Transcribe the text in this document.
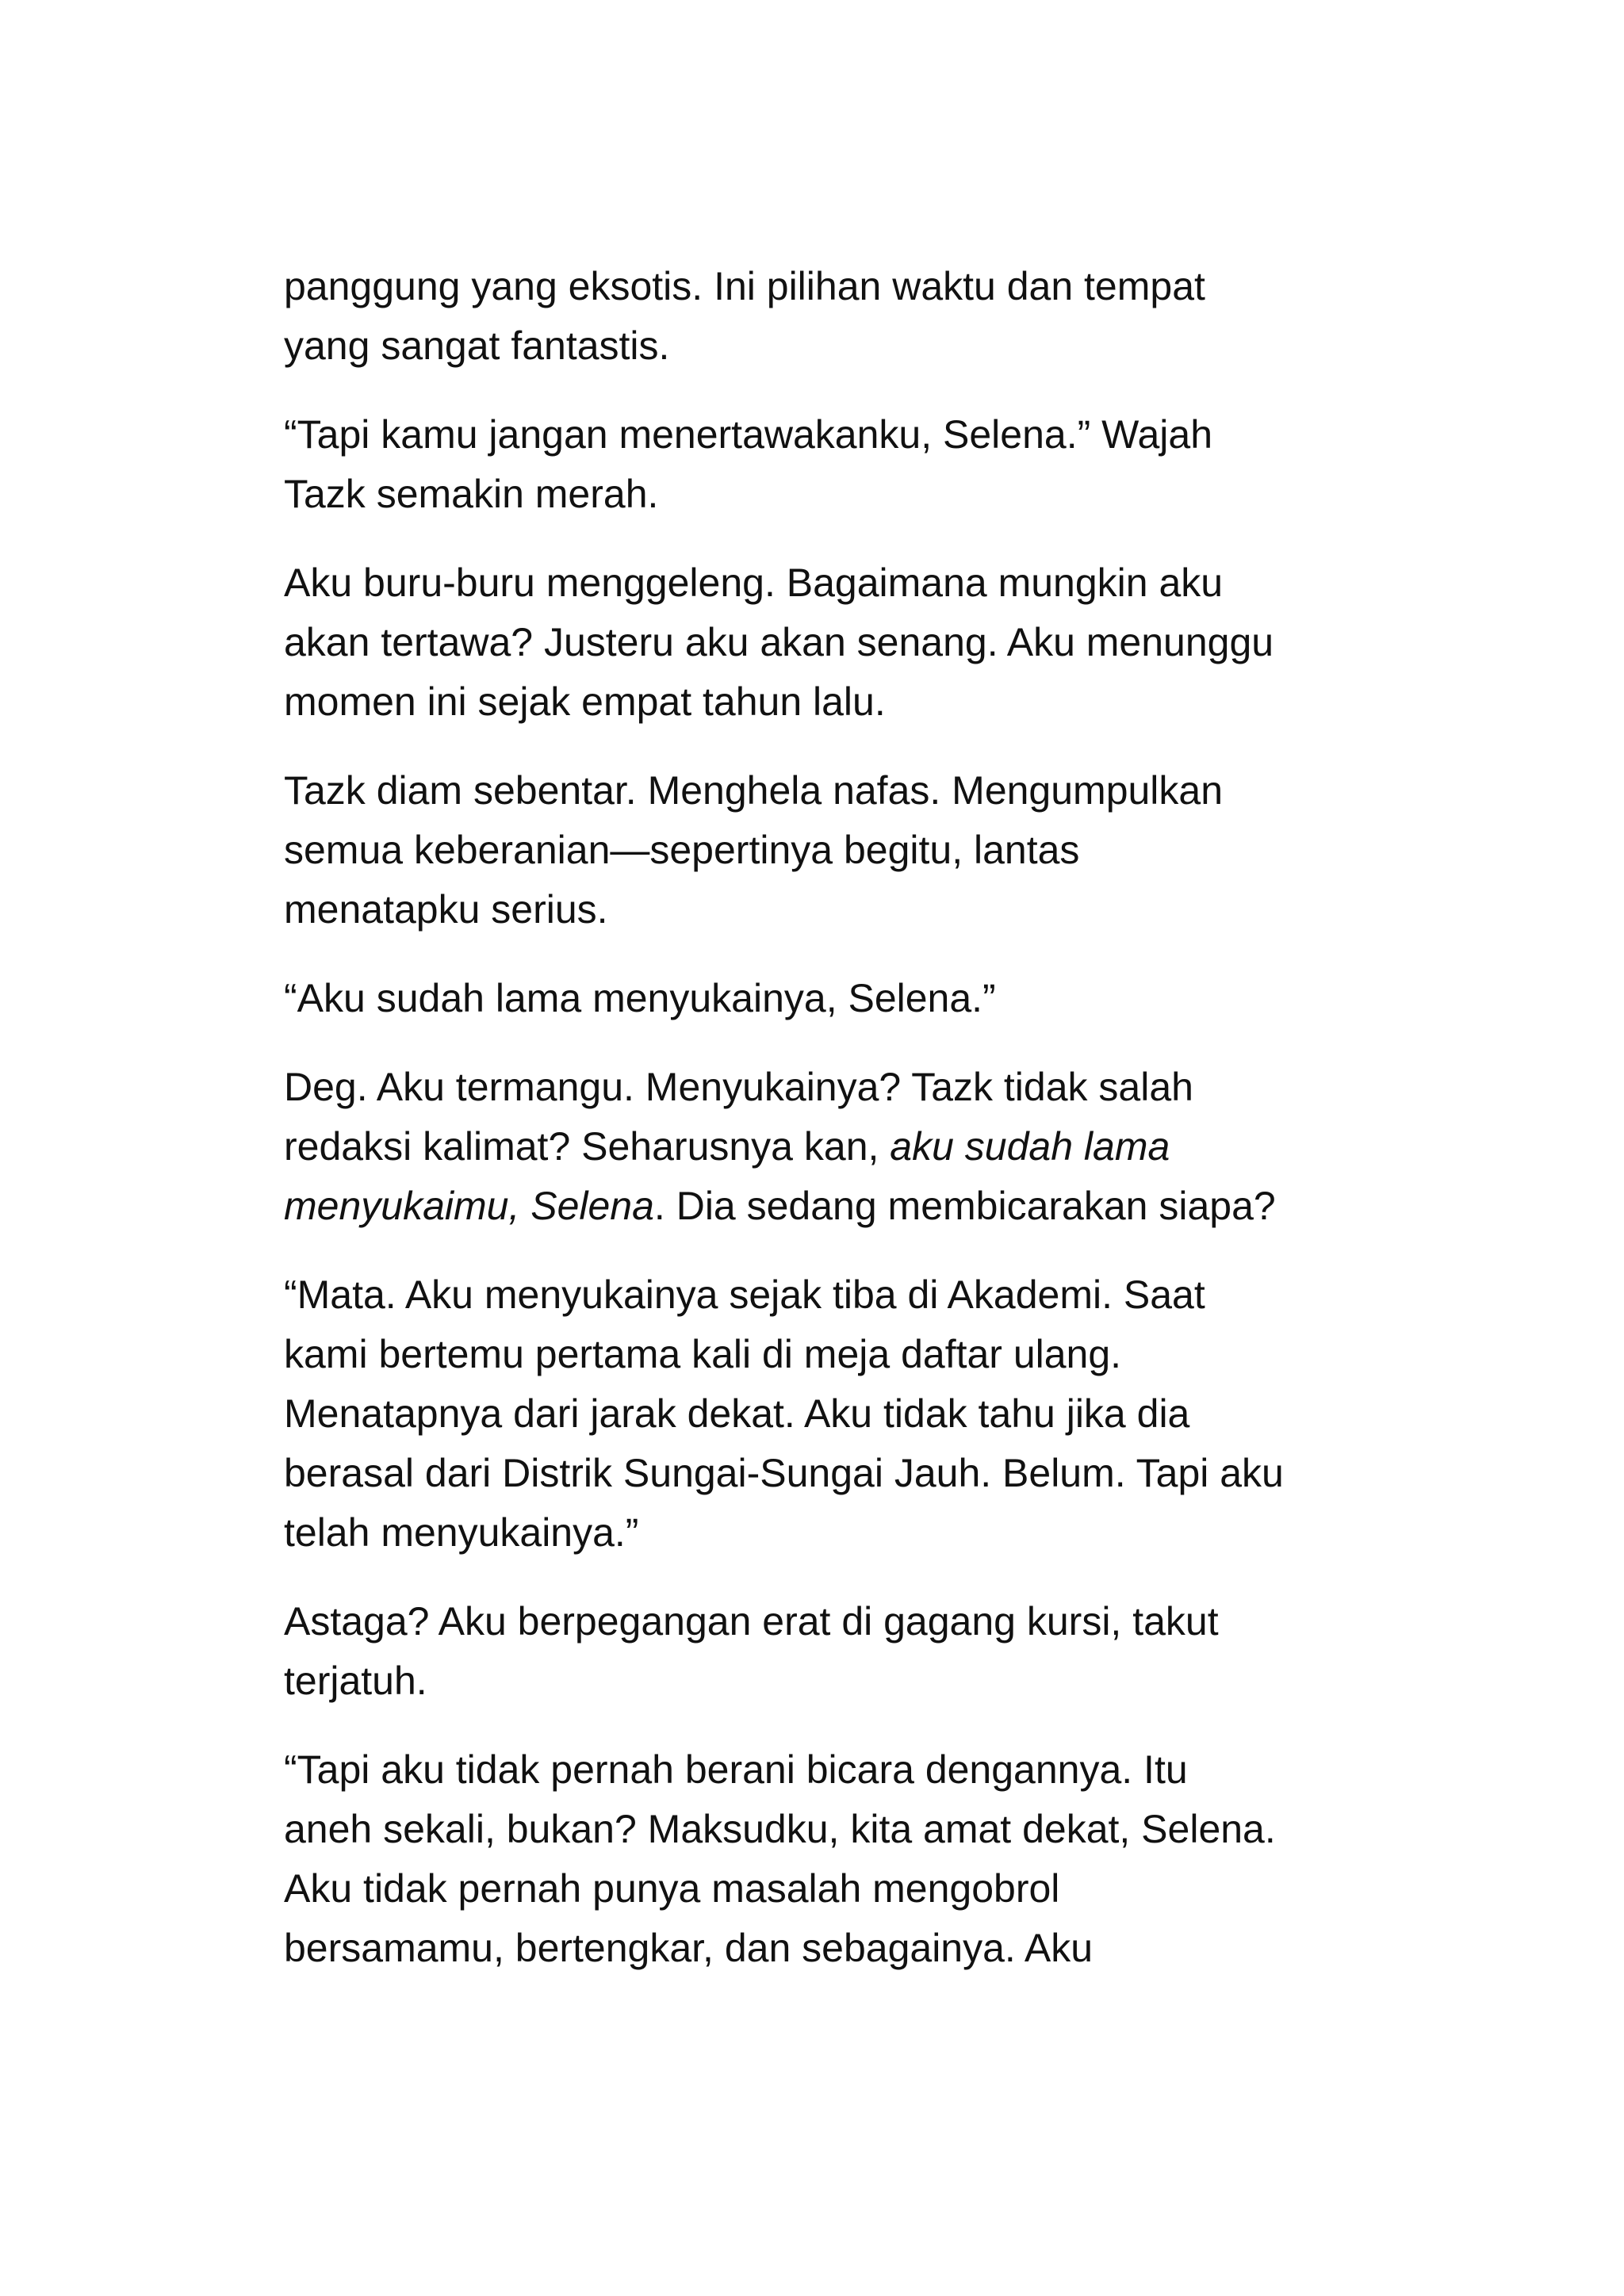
panggung yang eksotis. Ini pilihan waktu dan tempat
yang sangat fantastis.

“Tapi kamu jangan menertawakanku, Selena.” Wajah
Tazk semakin merah.

Aku buru-buru menggeleng. Bagaimana mungkin aku
akan tertawa? Justeru aku akan senang. Aku menunggu
momen ini sejak empat tahun lalu.

Tazk diam sebentar. Menghela nafas. Mengumpulkan
semua keberanian—sepertinya begitu, lantas
menatapku serius.

“Aku sudah lama menyukainya, Selena.”

Deg. Aku termangu. Menyukainya? Tazk tidak salah
redaksi kalimat? Seharusnya kan, aku sudah lama
menyukaimu, Selena. Dia sedang membicarakan siapa?

“Mata. Aku menyukainya sejak tiba di Akademi. Saat
kami bertemu pertama kali di meja daftar ulang.
Menatapnya dari jarak dekat. Aku tidak tahu jika dia
berasal dari Distrik Sungai-Sungai Jauh. Belum. Tapi aku
telah menyukainya.”

Astaga? Aku berpegangan erat di gagang kursi, takut
terjatuh.

“Tapi aku tidak pernah berani bicara dengannya. Itu
aneh sekali, bukan? Maksudku, kita amat dekat, Selena.
Aku tidak pernah punya masalah mengobrol
bersamamu, bertengkar, dan sebagainya. Aku
